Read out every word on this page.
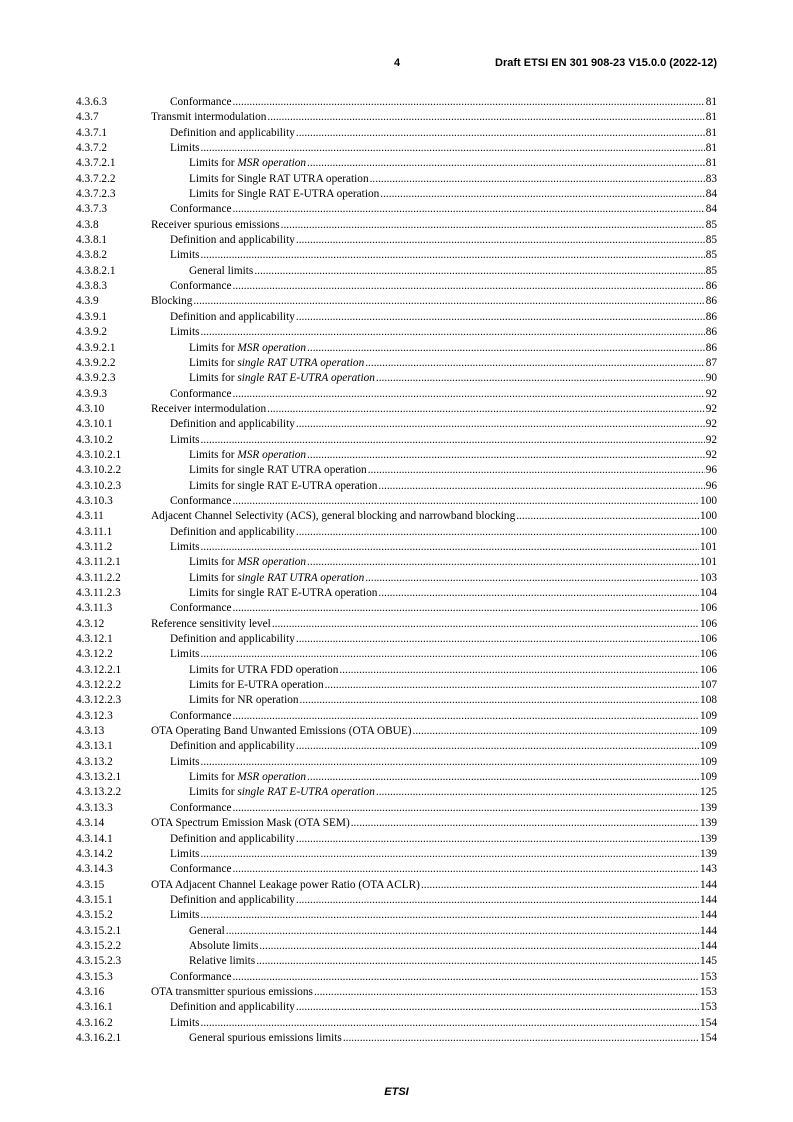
4	Draft ETSI EN 301 908-23 V15.0.0 (2022-12)
4.3.6.3	Conformance .....	81
4.3.7	Transmit intermodulation .....	81
4.3.7.1	Definition and applicability .....	81
4.3.7.2	Limits .....	81
4.3.7.2.1	Limits for MSR operation .....	81
4.3.7.2.2	Limits for Single RAT UTRA operation .....	83
4.3.7.2.3	Limits for Single RAT E-UTRA operation .....	84
4.3.7.3	Conformance .....	84
4.3.8	Receiver spurious emissions .....	85
4.3.8.1	Definition and applicability .....	85
4.3.8.2	Limits .....	85
4.3.8.2.1	General limits .....	85
4.3.8.3	Conformance .....	86
4.3.9	Blocking .....	86
4.3.9.1	Definition and applicability .....	86
4.3.9.2	Limits .....	86
4.3.9.2.1	Limits for MSR operation .....	86
4.3.9.2.2	Limits for single RAT UTRA operation .....	87
4.3.9.2.3	Limits for single RAT E-UTRA operation .....	90
4.3.9.3	Conformance .....	92
4.3.10	Receiver intermodulation .....	92
4.3.10.1	Definition and applicability .....	92
4.3.10.2	Limits .....	92
4.3.10.2.1	Limits for MSR operation .....	92
4.3.10.2.2	Limits for single RAT UTRA operation .....	96
4.3.10.2.3	Limits for single RAT E-UTRA operation .....	96
4.3.10.3	Conformance .....	100
4.3.11	Adjacent Channel Selectivity (ACS), general blocking and narrowband blocking .....	100
4.3.11.1	Definition and applicability .....	100
4.3.11.2	Limits .....	101
4.3.11.2.1	Limits for MSR operation .....	101
4.3.11.2.2	Limits for single RAT UTRA operation .....	103
4.3.11.2.3	Limits for single RAT E-UTRA operation .....	104
4.3.11.3	Conformance .....	106
4.3.12	Reference sensitivity level .....	106
4.3.12.1	Definition and applicability .....	106
4.3.12.2	Limits .....	106
4.3.12.2.1	Limits for UTRA FDD operation .....	106
4.3.12.2.2	Limits for E-UTRA operation .....	107
4.3.12.2.3	Limits for NR operation .....	108
4.3.12.3	Conformance .....	109
4.3.13	OTA Operating Band Unwanted Emissions (OTA OBUE) .....	109
4.3.13.1	Definition and applicability .....	109
4.3.13.2	Limits .....	109
4.3.13.2.1	Limits for MSR operation .....	109
4.3.13.2.2	Limits for single RAT E-UTRA operation .....	125
4.3.13.3	Conformance .....	139
4.3.14	OTA Spectrum Emission Mask (OTA SEM) .....	139
4.3.14.1	Definition and applicability .....	139
4.3.14.2	Limits .....	139
4.3.14.3	Conformance .....	143
4.3.15	OTA Adjacent Channel Leakage power Ratio (OTA ACLR) .....	144
4.3.15.1	Definition and applicability .....	144
4.3.15.2	Limits .....	144
4.3.15.2.1	General .....	144
4.3.15.2.2	Absolute limits .....	144
4.3.15.2.3	Relative limits .....	145
4.3.15.3	Conformance .....	153
4.3.16	OTA transmitter spurious emissions .....	153
4.3.16.1	Definition and applicability .....	153
4.3.16.2	Limits .....	154
4.3.16.2.1	General spurious emissions limits .....	154
ETSI
